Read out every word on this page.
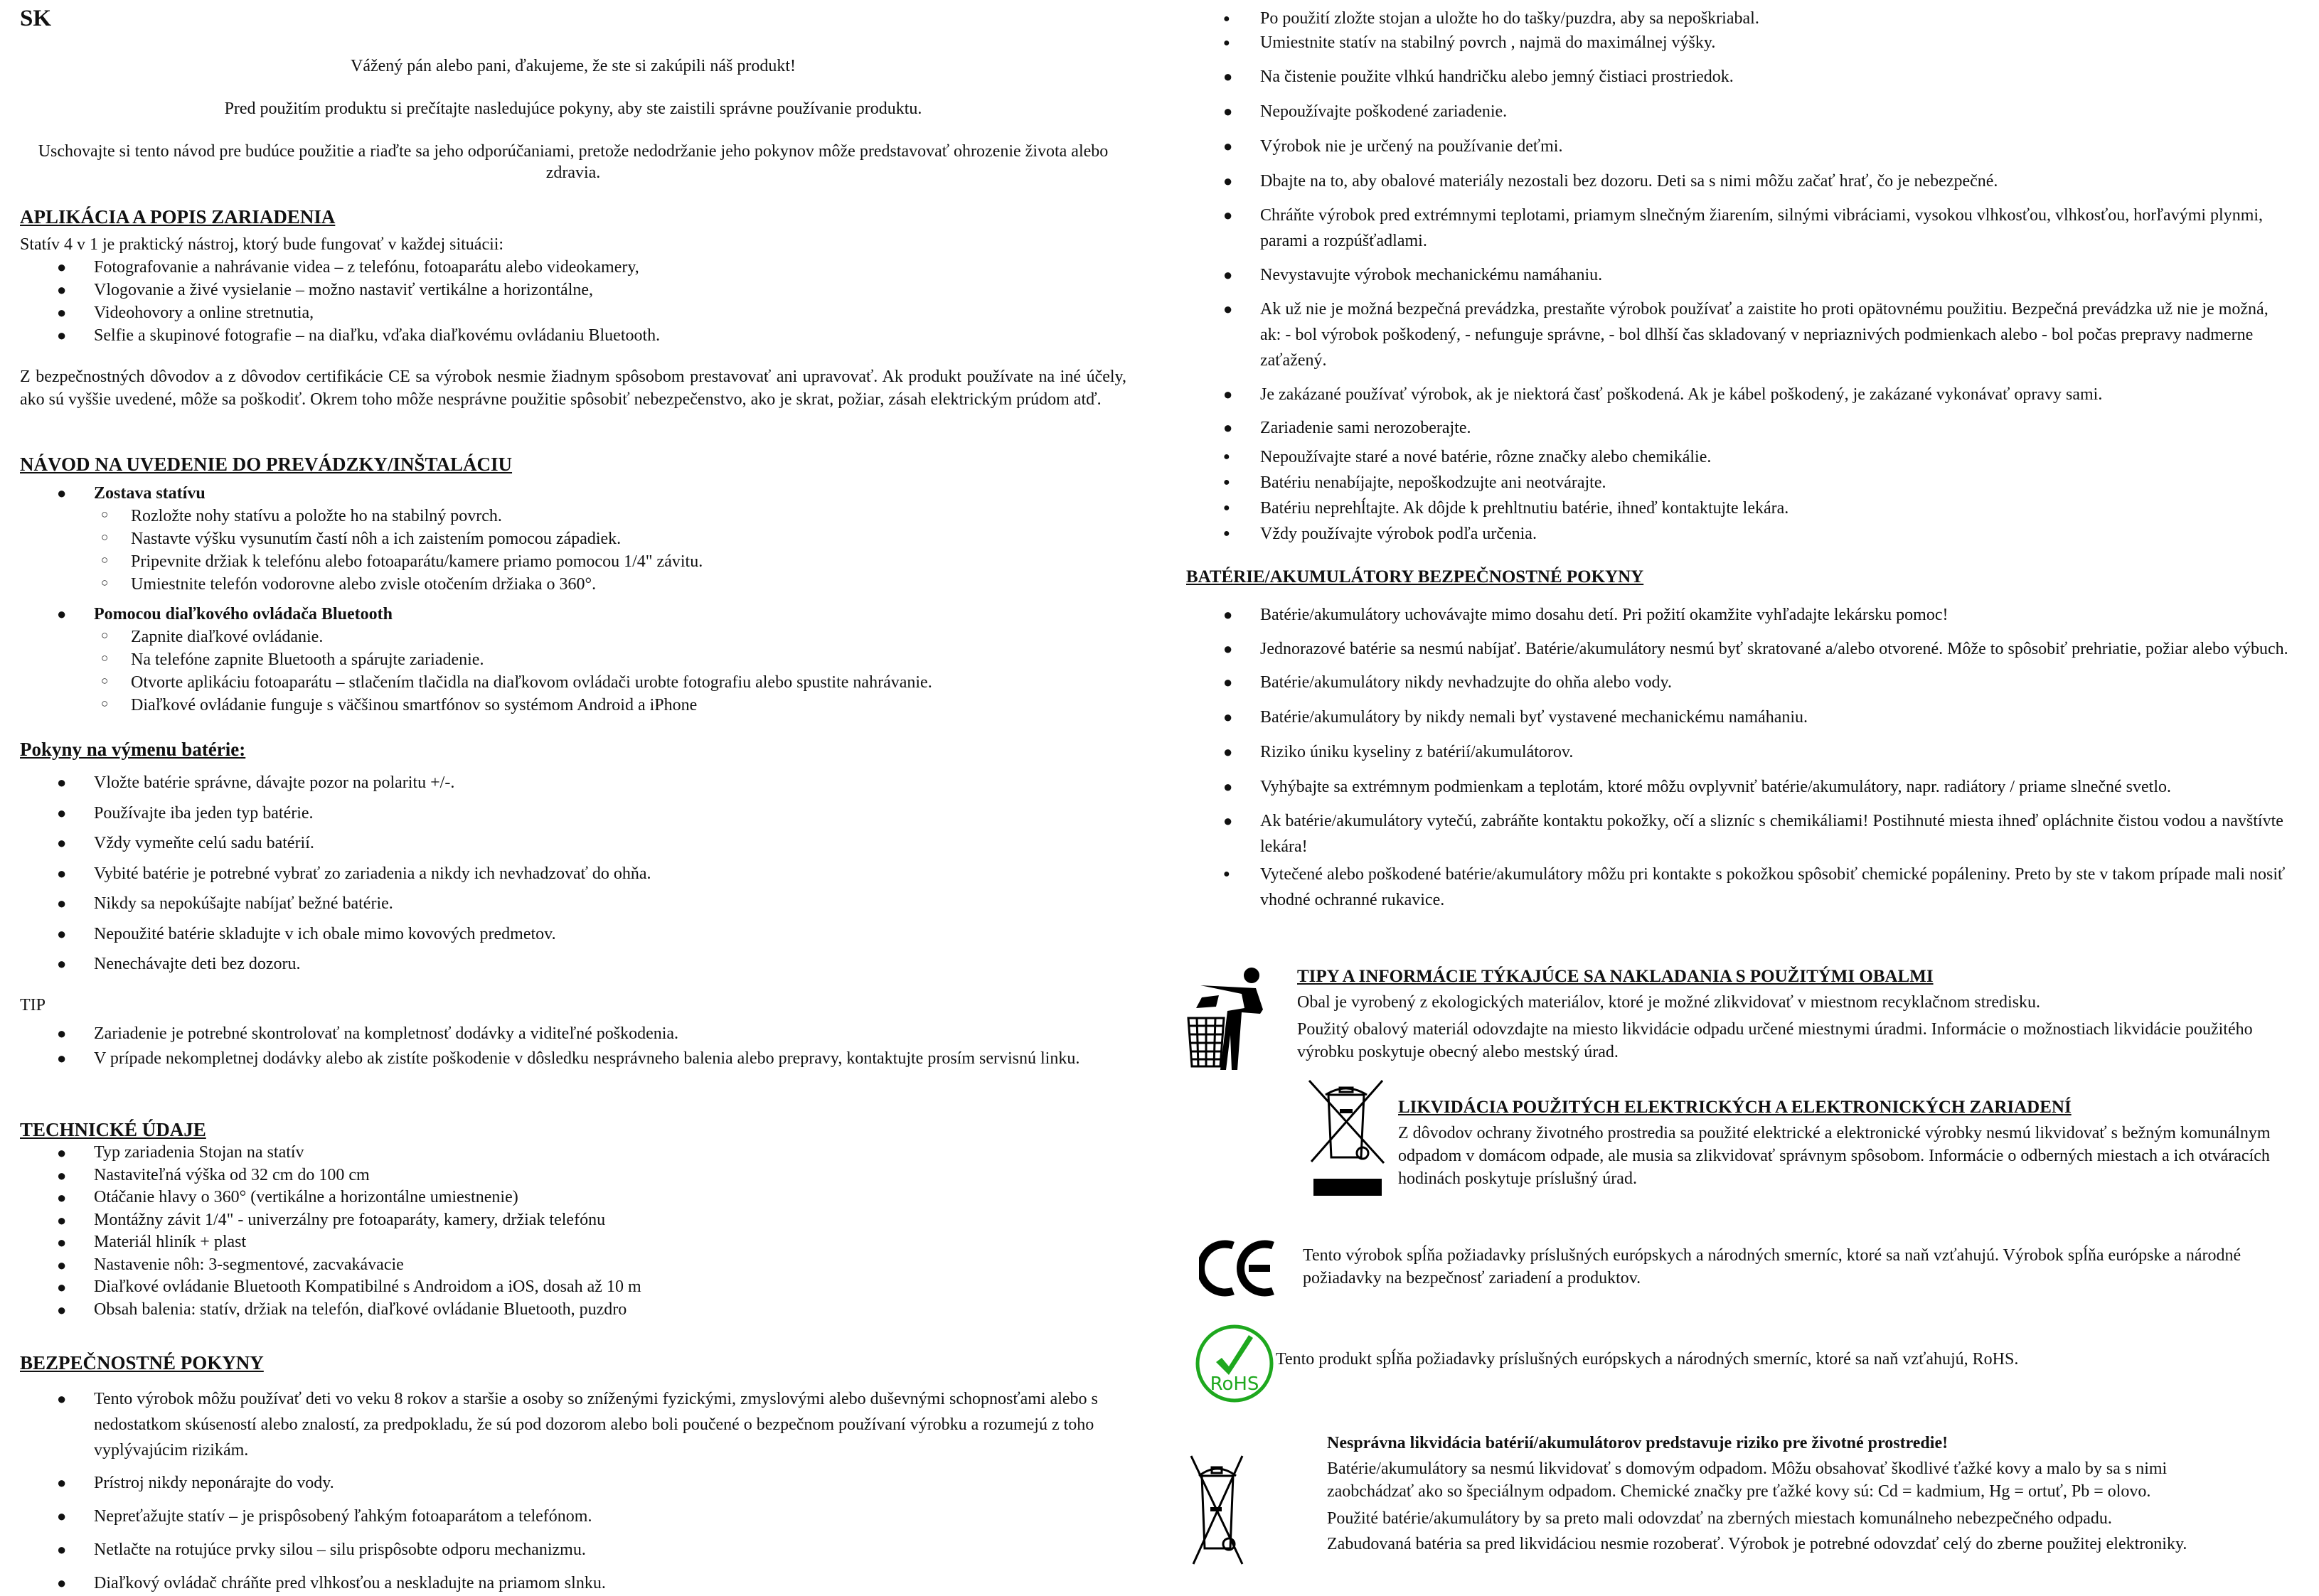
SK
Vážený pán alebo pani, ďakujeme, že ste si zakúpili náš produkt!
Pred použitím produktu si prečítajte nasledujúce pokyny, aby ste zaistili správne používanie produktu.
Uschovajte si tento návod pre budúce použitie a riaďte sa jeho odporúčaniami, pretože nedodržanie jeho pokynov môže predstavovať ohrozenie života alebo zdravia.
APLIKÁCIA A POPIS ZARIADENIA
Statív 4 v 1 je praktický nástroj, ktorý bude fungovať v každej situácii:
● Fotografovanie a nahrávanie videa – z telefónu, fotoaparátu alebo videokamery,
● Vlogovanie a živé vysielanie – možno nastaviť vertikálne a horizontálne,
● Videohovory a online stretnutia,
● Selfie a skupinové fotografie – na diaľku, vďaka diaľkovému ovládaniu Bluetooth.
Z bezpečnostných dôvodov a z dôvodov certifikácie CE sa výrobok nesmie žiadnym spôsobom prestavovať ani upravovať. Ak produkt používate na iné účely, ako sú vyššie uvedené, môže sa poškodiť. Okrem toho môže nesprávne použitie spôsobiť nebezpečenstvo, ako je skrat, požiar, zásah elektrickým prúdom atď.
NÁVOD NA UVEDENIE DO PREVÁDZKY/INŠTALÁCIU
● Zostava statívu
○ Rozložte nohy statívu a položte ho na stabilný povrch.
○ Nastavte výšku vysunutím častí nôh a ich zaistením pomocou západiek.
○ Pripevnite držiak k telefónu alebo fotoaparátu/kamere priamo pomocou 1/4" závitu.
○ Umiestnite telefón vodorovne alebo zvisle otočením držiaka o 360°.
● Pomocou diaľkového ovládača Bluetooth
○ Zapnite diaľkové ovládanie.
○ Na telefóne zapnite Bluetooth a spárujte zariadenie.
○ Otvorte aplikáciu fotoaparátu – stlačením tlačidla na diaľkovom ovládači urobte fotografiu alebo spustite nahrávanie.
○ Diaľkové ovládanie funguje s väčšinou smartfónov so systémom Android a iPhone
Pokyny na výmenu batérie:
● Vložte batérie správne, dávajte pozor na polaritu +/-.
● Používajte iba jeden typ batérie.
● Vždy vymeňte celú sadu batérií.
● Vybité batérie je potrebné vybrať zo zariadenia a nikdy ich nevhadzovať do ohňa.
● Nikdy sa nepokúšajte nabíjať bežné batérie.
● Nepoužité batérie skladujte v ich obale mimo kovových predmetov.
● Nenechávajte deti bez dozoru.
TIP
● Zariadenie je potrebné skontrolovať na kompletnosť dodávky a viditeľné poškodenia.
● V prípade nekompletnej dodávky alebo ak zistíte poškodenie v dôsledku nesprávneho balenia alebo prepravy, kontaktujte prosím servisnú linku.
TECHNICKÉ ÚDAJE
● Typ zariadenia Stojan na statív
● Nastaviteľná výška od 32 cm do 100 cm
● Otáčanie hlavy o 360° (vertikálne a horizontálne umiestnenie)
● Montážny závit 1/4" - univerzálny pre fotoaparáty, kamery, držiak telefónu
● Materiál hliník + plast
● Nastavenie nôh: 3-segmentové, zacvakávacie
● Diaľkové ovládanie Bluetooth Kompatibilné s Androidom a iOS, dosah až 10 m
● Obsah balenia: statív, držiak na telefón, diaľkové ovládanie Bluetooth, puzdro
BEZPEČNOSTNÉ POKYNY
● Tento výrobok môžu používať deti vo veku 8 rokov a staršie a osoby so zníženými fyzickými, zmyslovými alebo duševnými schopnosťami alebo s nedostatkom skúseností alebo znalostí, za predpokladu, že sú pod dozorom alebo boli poučené o bezpečnom používaní výrobku a rozumejú z toho vyplývajúcim rizikám.
● Prístroj nikdy neponárajte do vody.
● Nepreťažujte statív – je prispôsobený ľahkým fotoaparátom a telefónom.
● Netlačte na rotujúce prvky silou – silu prispôsobte odporu mechanizmu.
● Diaľkový ovládač chráňte pred vlhkosťou a neskladujte na priamom slnku.
● Po použití zložte stojan a uložte ho do tašky/puzdra, aby sa nepoškriabal.
● Umiestnite statív na stabilný povrch , najmä do maximálnej výšky.
● Na čistenie použite vlhkú handričku alebo jemný čistiaci prostriedok.
● Nepoužívajte poškodené zariadenie.
● Výrobok nie je určený na používanie deťmi.
● Dbajte na to, aby obalové materiály nezostali bez dozoru. Deti sa s nimi môžu začať hrať, čo je nebezpečné.
● Chráňte výrobok pred extrémnymi teplotami, priamym slnečným žiarením, silnými vibráciami, vysokou vlhkosťou, vlhkosťou, horľavými plynmi, parami a rozpúšťadlami.
● Nevystavujte výrobok mechanickému namáhaniu.
● Ak už nie je možná bezpečná prevádzka, prestaňte výrobok používať a zaistite ho proti opätovnému použitiu. Bezpečná prevádzka už nie je možná, ak: - bol výrobok poškodený, - nefunguje správne, - bol dlhší čas skladovaný v nepriaznivých podmienkach alebo - bol počas prepravy nadmerne zaťažený.
● Je zakázané používať výrobok, ak je niektorá časť poškodená. Ak je kábel poškodený, je zakázané vykonávať opravy sami.
● Zariadenie sami nerozoberajte.
● Nepoužívajte staré a nové batérie, rôzne značky alebo chemikálie.
● Batériu nenabíjajte, nepoškodzujte ani neotvárajte.
● Batériu neprehĺtajte. Ak dôjde k prehltnutiu batérie, ihneď kontaktujte lekára.
● Vždy používajte výrobok podľa určenia.
BATÉRIE/AKUMULÁTORY BEZPEČNOSTNÉ POKYNY
● Batérie/akumulátory uchovávajte mimo dosahu detí. Pri požití okamžite vyhľadajte lekársku pomoc!
● Jednorazové batérie sa nesmú nabíjať. Batérie/akumulátory nesmú byť skratované a/alebo otvorené. Môže to spôsobiť prehriatie, požiar alebo výbuch.
● Batérie/akumulátory nikdy nevhadzujte do ohňa alebo vody.
● Batérie/akumulátory by nikdy nemali byť vystavené mechanickému namáhaniu.
● Riziko úniku kyseliny z batérií/akumulátorov.
● Vyhýbajte sa extrémnym podmienkam a teplotám, ktoré môžu ovplyvniť batérie/akumulátory, napr. radiátory / priame slnečné svetlo.
● Ak batérie/akumulátory vytečú, zabráňte kontaktu pokožky, očí a slizníc s chemikáliami! Postihnuté miesta ihneď opláchnite čistou vodou a navštívte lekára!
● Vytečené alebo poškodené batérie/akumulátory môžu pri kontakte s pokožkou spôsobiť chemické popáleniny. Preto by ste v takom prípade mali nosiť vhodné ochranné rukavice.
TIPY A INFORMÁCIE TÝKAJÚCE SA NAKLADANIA S POUŽITÝMI OBALMI
Obal je vyrobený z ekologických materiálov, ktoré je možné zlikvidovať v miestnom recyklačnom stredisku.
Použitý obalový materiál odovzdajte na miesto likvidácie odpadu určené miestnymi úradmi. Informácie o možnostiach likvidácie použitého výrobku poskytuje obecný alebo mestský úrad.
LIKVIDÁCIA POUŽITÝCH ELEKTRICKÝCH A ELEKTRONICKÝCH ZARIADENÍ
Z dôvodov ochrany životného prostredia sa použité elektrické a elektronické výrobky nesmú likvidovať s bežným komunálnym odpadom v domácom odpade, ale musia sa zlikvidovať správnym spôsobom. Informácie o odberných miestach a ich otváracích hodinách poskytuje príslušný úrad.
Tento výrobok spĺňa požiadavky príslušných európskych a národných smerníc, ktoré sa naň vzťahujú. Výrobok spĺňa európske a národné požiadavky na bezpečnosť zariadení a produktov.
RoHS
Tento produkt spĺňa požiadavky príslušných európskych a národných smerníc, ktoré sa naň vzťahujú, RoHS.
Nesprávna likvidácia batérií/akumulátorov predstavuje riziko pre životné prostredie!
Batérie/akumulátory sa nesmú likvidovať s domovým odpadom. Môžu obsahovať škodlivé ťažké kovy a malo by sa s nimi zaobchádzať ako so špeciálnym odpadom. Chemické značky pre ťažké kovy sú: Cd = kadmium, Hg = ortuť, Pb = olovo.
Použité batérie/akumulátory by sa preto mali odovzdať na zberných miestach komunálneho nebezpečného odpadu.
Zabudovaná batéria sa pred likvidáciou nesmie rozoberať. Výrobok je potrebné odovzdať celý do zberne použitej elektroniky.
